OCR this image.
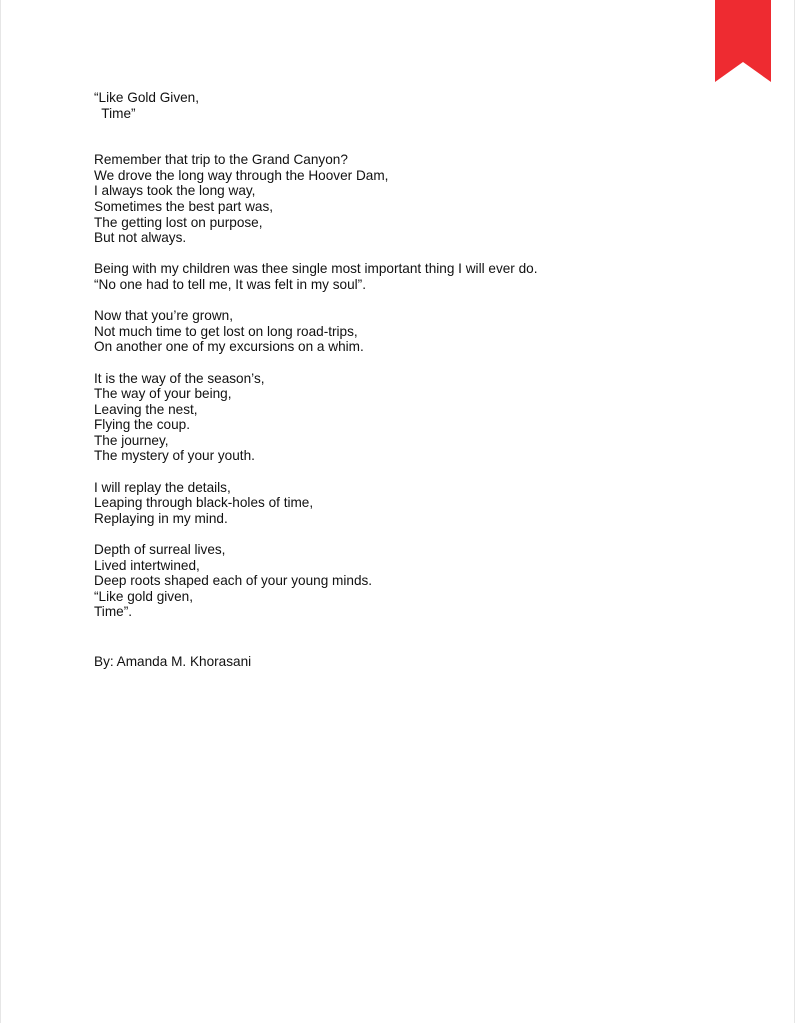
“Like Gold Given,
Time”
Remember that trip to the Grand Canyon?
We drove the long way through the Hoover Dam,
I always took the long way,
Sometimes the best part was,
The getting lost on purpose,
But not always.
Being with my children was thee single most important thing I will ever do.
“No one had to tell me, It was felt in my soul”.
Now that you’re grown,
Not much time to get lost on long road-trips,
On another one of my excursions on a whim.
It is the way of the season’s,
The way of your being,
Leaving the nest,
Flying the coup.
The journey,
The mystery of your youth.
I will replay the details,
Leaping through black-holes of time,
Replaying in my mind.
Depth of surreal lives,
Lived intertwined,
Deep roots shaped each of your young minds.
“Like gold given,
Time”.
By: Amanda M. Khorasani
